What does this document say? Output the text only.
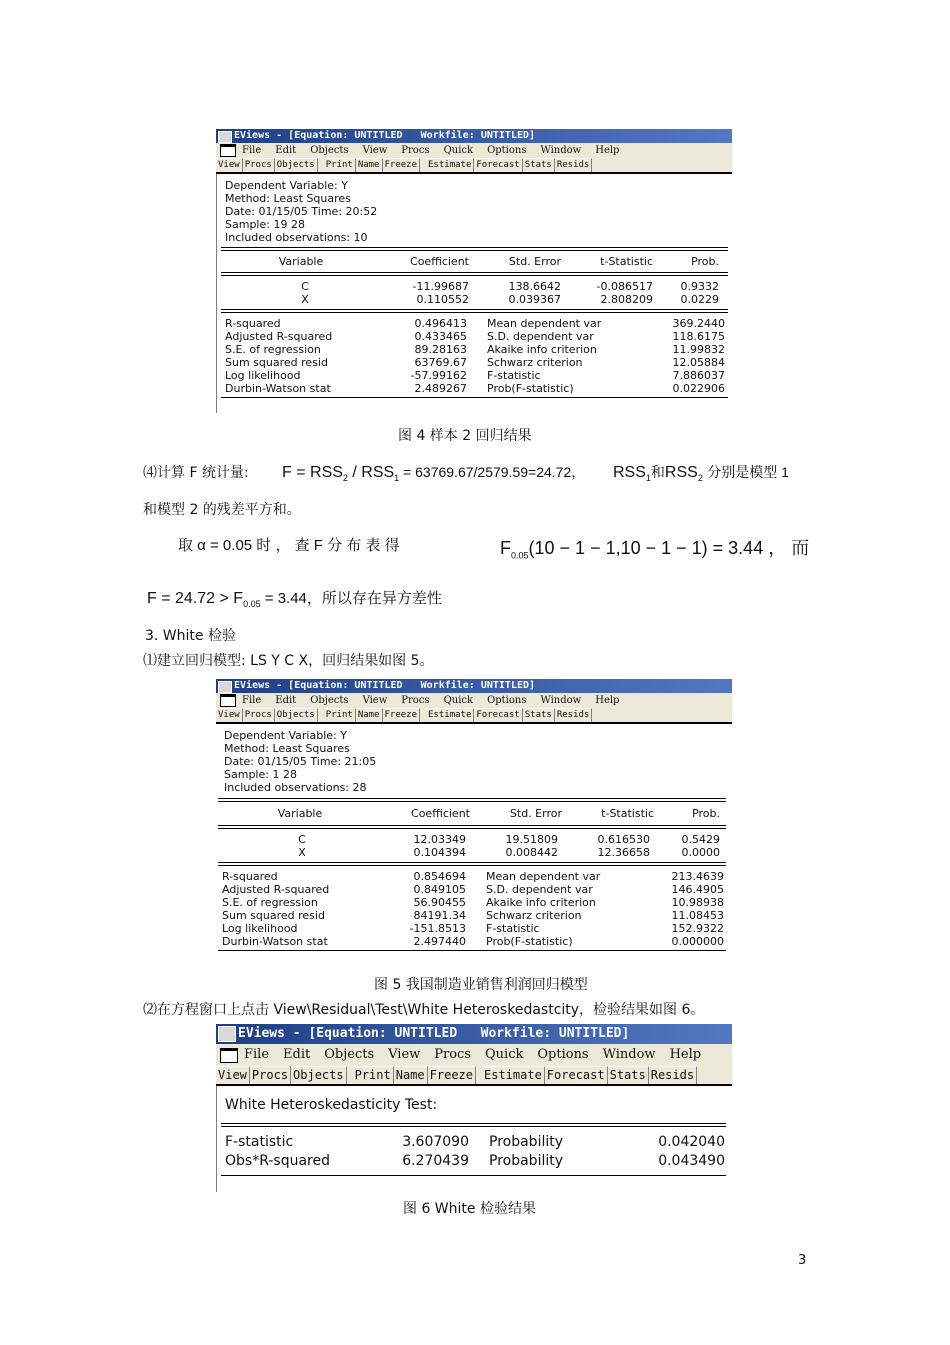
EViews - [Equation: UNTITLED   Workfile: UNTITLED]
File Edit Objects View Procs Quick Options Window Help
View Procs Objects	Print Name Freeze	Estimate Forecast Stats Resids
Dependent Variable: Y
Method: Least Squares
Date: 01/15/05 Time: 20:52
Sample: 19 28
Included observations: 10
Variable	Coefficient	Std. Error	t-Statistic	Prob.
C	-11.99687	138.6642	-0.086517	0.9332
X	0.110552	0.039367	2.808209	0.0229
R-squared	0.496413	Mean dependent var	369.2440
Adjusted R-squared	0.433465	S.D. dependent var	118.6175
S.E. of regression	89.28163	Akaike info criterion	11.99832
Sum squared resid	63769.67	Schwarz criterion	12.05884
Log likelihood	-57.99162	F-statistic	7.886037
Durbin-Watson stat	2.489267	Prob(F-statistic)	0.022906
图 4 样本 2 回归结果
⑷计算 F 统计量: $F = RSS_2 / RSS_1 = 63769.67/2579.59=24.72$， $RSS_1$和$RSS_2$ 分别是模型 1
和模型 2 的残差平方和。
取 α = 0.05 时 ， 查 F 分 布 表 得	$F_{0.05}(10 - 1 - 1,10 - 1 - 1) = 3.44$ ， 而
$F = 24.72 > F_{0.05} = 3.44$，所以存在异方差性
3. White 检验
⑴建立回归模型: LS Y C X，回归结果如图 5。
EViews - [Equation: UNTITLED   Workfile: UNTITLED]
File Edit Objects View Procs Quick Options Window Help
View Procs Objects	Print Name Freeze	Estimate Forecast Stats Resids
Dependent Variable: Y
Method: Least Squares
Date: 01/15/05 Time: 21:05
Sample: 1 28
Included observations: 28
Variable	Coefficient	Std. Error	t-Statistic	Prob.
C	12.03349	19.51809	0.616530	0.5429
X	0.104394	0.008442	12.36658	0.0000
R-squared	0.854694	Mean dependent var	213.4639
Adjusted R-squared	0.849105	S.D. dependent var	146.4905
S.E. of regression	56.90455	Akaike info criterion	10.98938
Sum squared resid	84191.34	Schwarz criterion	11.08453
Log likelihood	-151.8513	F-statistic	152.9322
Durbin-Watson stat	2.497440	Prob(F-statistic)	0.000000
图 5 我国制造业销售利润回归模型
⑵在方程窗口上点击 View\Residual\Test\White Heteroskedastcity，检验结果如图 6。
EViews - [Equation: UNTITLED   Workfile: UNTITLED]
File Edit Objects View Procs Quick Options Window Help
View Procs Objects Print Name Freeze Estimate Forecast Stats Resids
White Heteroskedasticity Test:
F-statistic	3.607090	Probability	0.042040
Obs*R-squared	6.270439	Probability	0.043490
图 6 White 检验结果
3
